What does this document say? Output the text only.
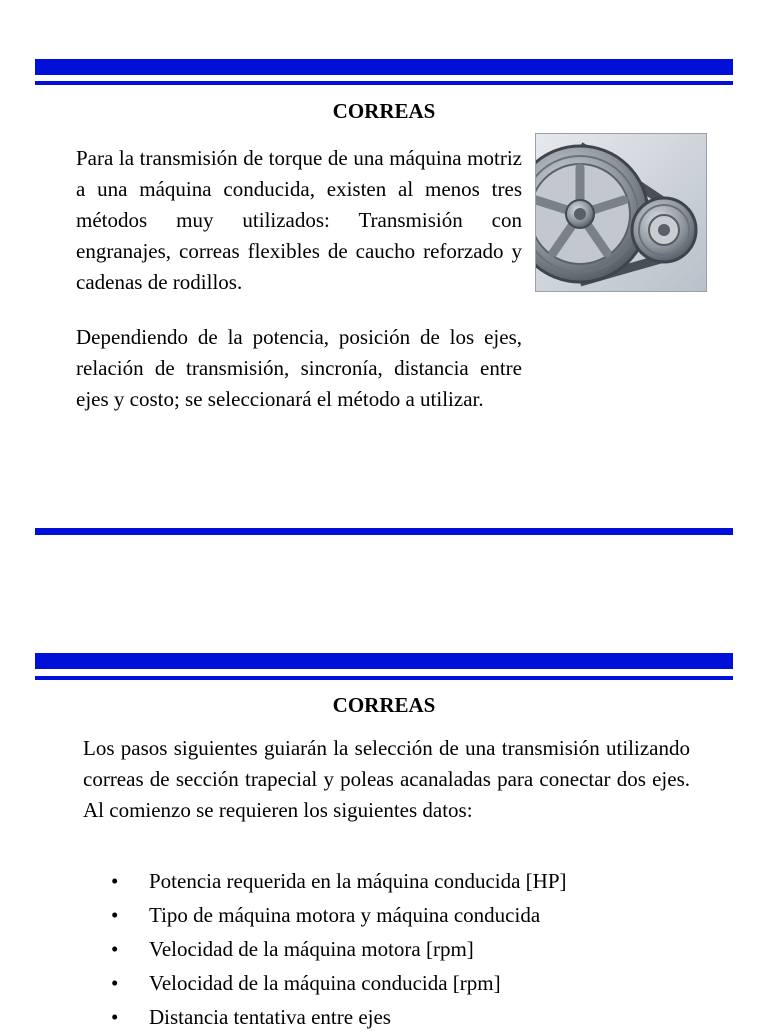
CORREAS

Para la transmisión de torque de una máquina motriz a una máquina conducida, existen al menos tres métodos muy utilizados: Transmisión con engranajes, correas flexibles de caucho reforzado y cadenas de rodillos.

Dependiendo de la potencia, posición de los ejes, relación de transmisión, sincronía, distancia entre ejes y costo; se seleccionará el método a utilizar.

CORREAS

Los pasos siguientes guiarán la selección de una transmisión utilizando correas de sección trapecial y poleas acanaladas para conectar dos ejes. Al comienzo se requieren los siguientes datos:

• Potencia requerida en la máquina conducida [HP]
• Tipo de máquina motora y máquina conducida
• Velocidad de la máquina motora [rpm]
• Velocidad de la máquina conducida [rpm]
• Distancia tentativa entre ejes
